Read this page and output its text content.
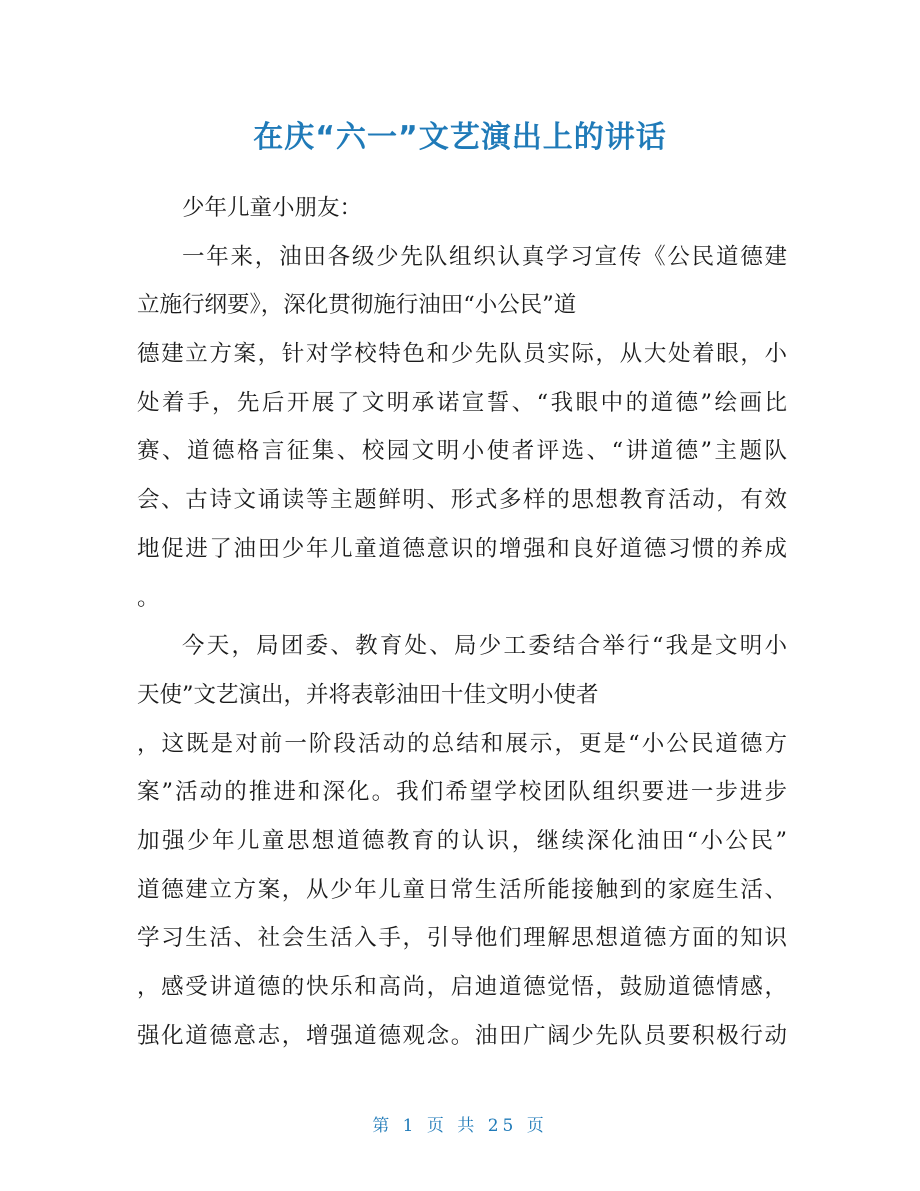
在庆“六一”文艺演出上的讲话
少年儿童小朋友：
一年来，油田各级少先队组织认真学习宣传《公民道德建
立施行纲要》，深化贯彻施行油田“小公民”道
德建立方案，针对学校特色和少先队员实际，从大处着眼，小
处着手，先后开展了文明承诺宣誓、“我眼中的道德”绘画比
赛、道德格言征集、校园文明小使者评选、“讲道德”主题队
会、古诗文诵读等主题鲜明、形式多样的思想教育活动，有效
地促进了油田少年儿童道德意识的增强和良好道德习惯的养成
。
今天，局团委、教育处、局少工委结合举行“我是文明小
天使”文艺演出，并将表彰油田十佳文明小使者
，这既是对前一阶段活动的总结和展示，更是“小公民道德方
案”活动的推进和深化。我们希望学校团队组织要进一步进步
加强少年儿童思想道德教育的认识，继续深化油田“小公民”
道德建立方案，从少年儿童日常生活所能接触到的家庭生活、
学习生活、社会生活入手，引导他们理解思想道德方面的知识
，感受讲道德的快乐和高尚，启迪道德觉悟，鼓励道德情感，
强化道德意志，增强道德观念。油田广阔少先队员要积极行动
第 1 页 共 25 页
